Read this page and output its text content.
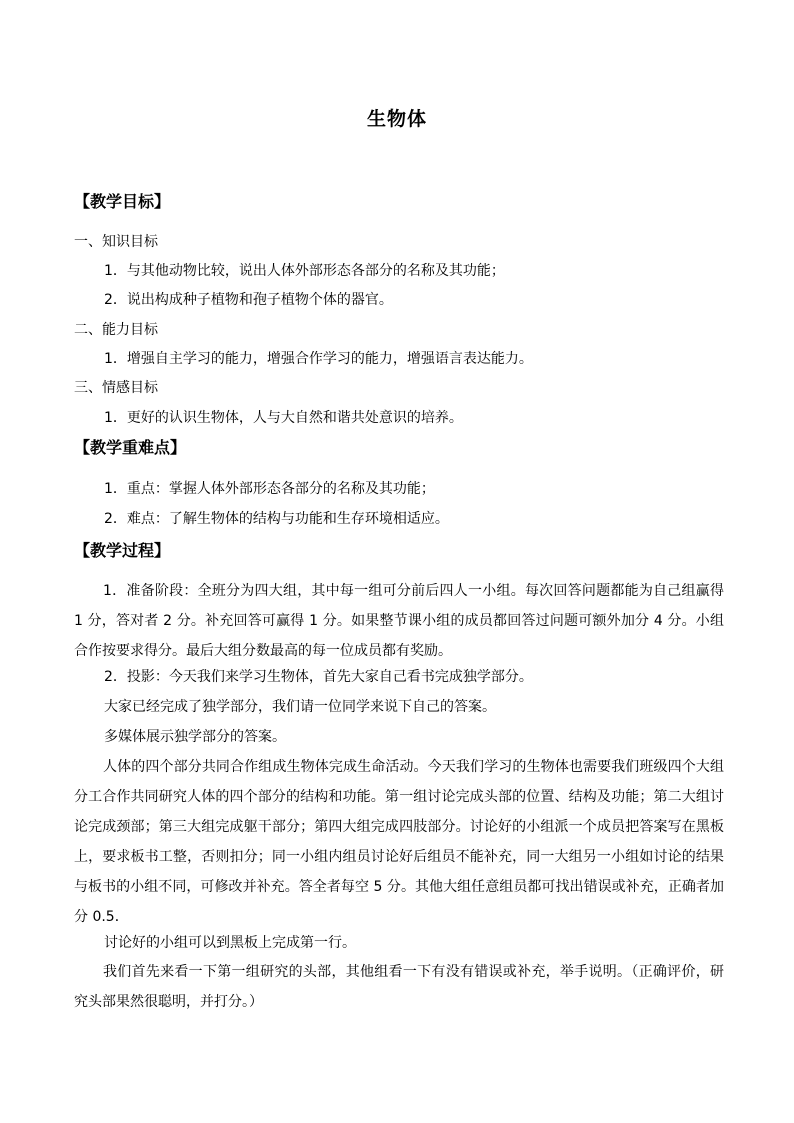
生物体
【教学目标】
一、知识目标
1．与其他动物比较，说出人体外部形态各部分的名称及其功能；
2．说出构成种子植物和孢子植物个体的器官。
二、能力目标
1．增强自主学习的能力，增强合作学习的能力，增强语言表达能力。
三、情感目标
1．更好的认识生物体，人与大自然和谐共处意识的培养。
【教学重难点】
1．重点：掌握人体外部形态各部分的名称及其功能；
2．难点：了解生物体的结构与功能和生存环境相适应。
【教学过程】
1．准备阶段：全班分为四大组，其中每一组可分前后四人一小组。每次回答问题都能为自己组赢得 1 分，答对者 2 分。补充回答可赢得 1 分。如果整节课小组的成员都回答过问题可额外加分 4 分。小组合作按要求得分。最后大组分数最高的每一位成员都有奖励。
2．投影：今天我们来学习生物体，首先大家自己看书完成独学部分。
大家已经完成了独学部分，我们请一位同学来说下自己的答案。
多媒体展示独学部分的答案。
人体的四个部分共同合作组成生物体完成生命活动。今天我们学习的生物体也需要我们班级四个大组分工合作共同研究人体的四个部分的结构和功能。第一组讨论完成头部的位置、结构及功能；第二大组讨论完成颈部；第三大组完成躯干部分；第四大组完成四肢部分。讨论好的小组派一个成员把答案写在黑板上，要求板书工整，否则扣分；同一小组内组员讨论好后组员不能补充，同一大组另一小组如讨论的结果与板书的小组不同，可修改并补充。答全者每空 5 分。其他大组任意组员都可找出错误或补充，正确者加分 0.5．
讨论好的小组可以到黑板上完成第一行。
我们首先来看一下第一组研究的头部，其他组看一下有没有错误或补充，举手说明。（正确评价，研究头部果然很聪明，并打分。）
